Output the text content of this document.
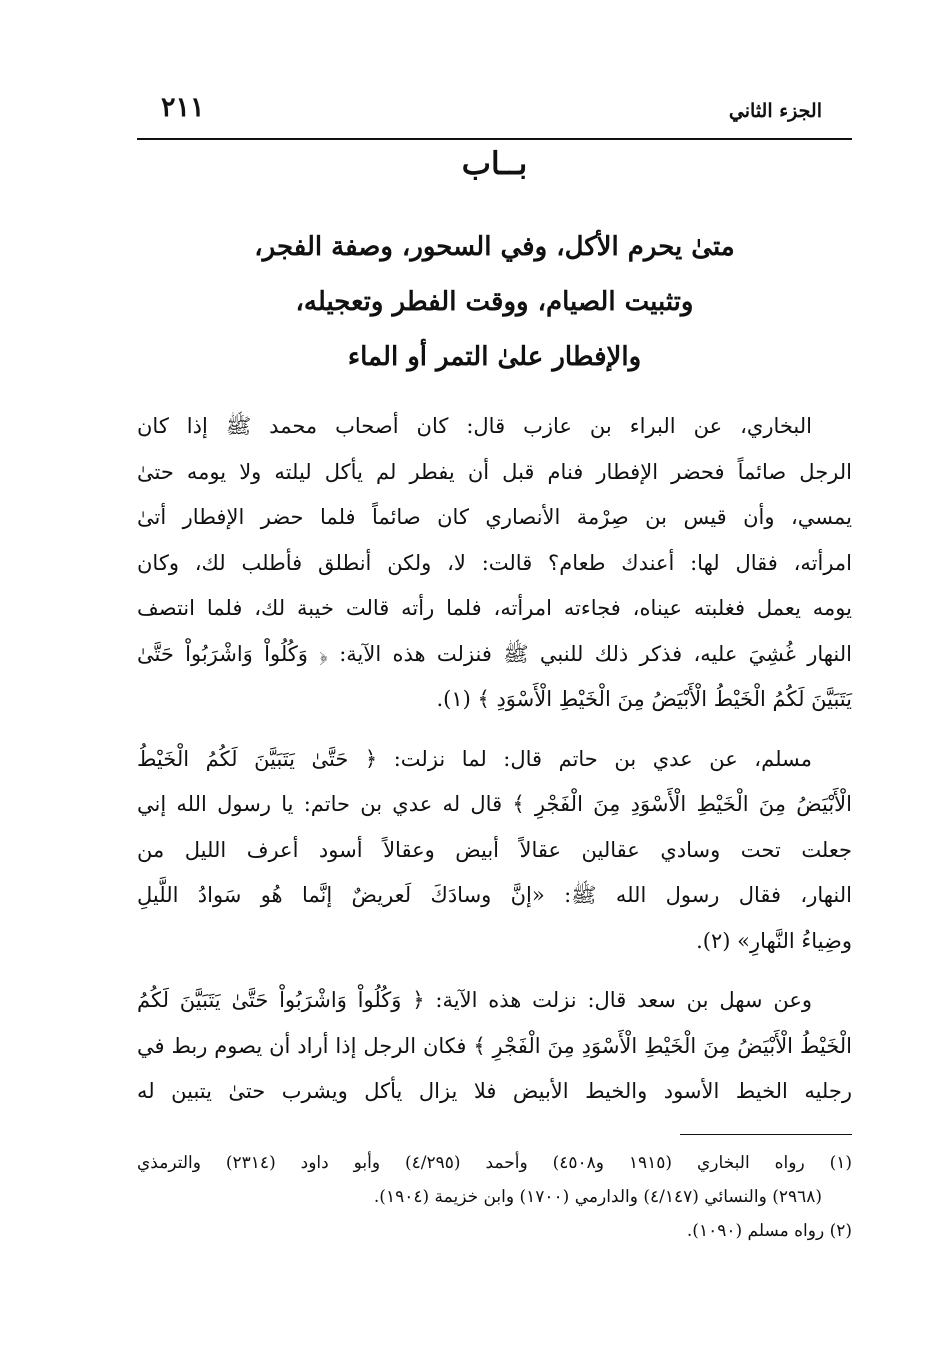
الجزء الثاني
٢١١
بــاب
متىٰ يحرم الأكل، وفي السحور، وصفة الفجر،
وتثبيت الصيام، ووقت الفطر وتعجيله،
والإفطار علىٰ التمر أو الماء

البخاري، عن البراء بن عازب قال: كان أصحاب محمد ﷺ إذا كان
الرجل صائماً فحضر الإفطار فنام قبل أن يفطر لم يأكل ليلته ولا يومه حتىٰ
يمسي، وأن قيس بن صِرْمة الأنصاري كان صائماً فلما حضر الإفطار أتىٰ
امرأته، فقال لها: أعندك طعام؟ قالت: لا، ولكن أنطلق فأطلب لك، وكان
يومه يعمل فغلبته عيناه، فجاءته امرأته، فلما رأته قالت خيبة لك، فلما انتصف
النهار غُشِيَ عليه، فذكر ذلك للنبي ﷺ فنزلت هذه الآية: ﴿ وَكُلُواْ وَاشْرَبُواْ حَتَّىٰ
يَتَبَيَّنَ لَكُمُ الْخَيْطُ الْأَبْيَضُ مِنَ الْخَيْطِ الْأَسْوَدِ ﴾ (١).

مسلم، عن عدي بن حاتم قال: لما نزلت: ﴿ حَتَّىٰ يَتَبَيَّنَ لَكُمُ الْخَيْطُ
الْأَبْيَضُ مِنَ الْخَيْطِ الْأَسْوَدِ مِنَ الْفَجْرِ ﴾ قال له عدي بن حاتم: يا رسول الله إني
جعلت تحت وسادي عقالين عقالاً أبيض وعقالاً أسود أعرف الليل من
النهار، فقال رسول الله ﷺ: «إنَّ وسادَكَ لَعريضٌ إنَّما هُو سَوادُ اللَّيلِ
وضِياءُ النَّهارِ» (٢).

وعن سهل بن سعد قال: نزلت هذه الآية: ﴿ وَكُلُواْ وَاشْرَبُواْ حَتَّىٰ يَتَبَيَّنَ لَكُمُ
الْخَيْطُ الْأَبْيَضُ مِنَ الْخَيْطِ الْأَسْوَدِ مِنَ الْفَجْرِ ﴾ فكان الرجل إذا أراد أن يصوم ربط في
رجليه الخيط الأسود والخيط الأبيض فلا يزال يأكل ويشرب حتىٰ يتبين له

(١) رواه البخاري (١٩١٥ و٤٥٠٨) وأحمد (٤/٢٩٥) وأبو داود (٢٣١٤) والترمذي
(٢٩٦٨) والنسائي (٤/١٤٧) والدارمي (١٧٠٠) وابن خزيمة (١٩٠٤).
(٢) رواه مسلم (١٠٩٠).
